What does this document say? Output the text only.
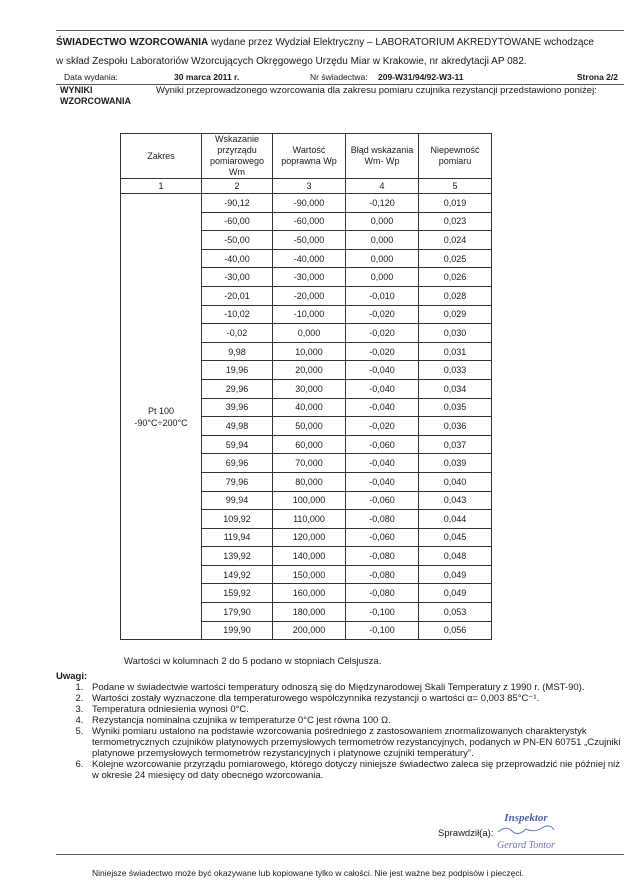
ŚWIADECTWO WZORCOWANIA wydane przez Wydział Elektryczny – LABORATORIUM AKREDYTOWANE wchodzące
w skład Zespołu Laboratoriów Wzorcujących Okręgowego Urzędu Miar w Krakowie, nr akredytacji AP 082.
Data wydania:	30 marca 2011 r.	Nr świadectwa: 209-W31/94/92-W3-11	Strona 2/2
WYNIKI
WZORCOWANIA
Wyniki przeprowadzonego wzorcowania dla zakresu pomiaru czujnika rezystancji przedstawiono poniżej:
Zakres	Wskazanie przyrządu pomiarowego Wm	Wartość poprawna Wp	Błąd wskazania Wm- Wp	Niepewność pomiaru
1	2	3	4	5

Pt 100
-90°C÷200°C	-90,12	-90,000	-0,120	0,019
	-60,00	-60,000	0,000	0,023
	-50,00	-50,000	0,000	0,024
	-40,00	-40,000	0,000	0,025
	-30,00	-30,000	0,000	0,026
	-20,01	-20,000	-0,010	0,028
	-10,02	-10,000	-0,020	0,029
	-0,02	0,000	-0,020	0,030
	9,98	10,000	-0,020	0,031
	19,96	20,000	-0,040	0,033
	29,96	30,000	-0,040	0,034
	39,96	40,000	-0,040	0,035
	49,98	50,000	-0,020	0,036
	59,94	60,000	-0,060	0,037
	69,96	70,000	-0,040	0,039
	79,96	80,000	-0,040	0,040
	99,94	100,000	-0,060	0,043
	109,92	110,000	-0,080	0,044
	119,94	120,000	-0,060	0,045
	139,92	140,000	-0,080	0,048
	149,92	150,000	-0,080	0,049
	159,92	160,000	-0,080	0,049
	179,90	180,000	-0,100	0,053
	199,90	200,000	-0,100	0,056
Wartości w kolumnach 2 do 5 podano w stopniach Celsjusza.
Uwagi:
1. Podane w świadectwie wartości temperatury odnoszą się do Międzynarodowej Skali Temperatury z 1990 r. (MST-90).
2. Wartości zostały wyznaczone dla temperaturowego współczynnika rezystancji o wartości α= 0,003 85°C⁻¹.
3. Temperatura odniesienia wynosi 0°C.
4. Rezystancja nominalna czujnika w temperaturze 0°C jest równa 100 Ω.
5. Wyniki pomiaru ustalono na podstawie wzorcowania pośredniego z zastosowaniem znormalizowanych charakterystyk termometrycznych czujników platynowych przemysłowych termometrów rezystancyjnych, podanych w PN-EN 60751 „Czujniki platynowe przemysłowych termometrów rezystancyjnych i platynowe czujniki temperatury”.
6. Kolejne wzorcowanie przyrządu pomiarowego, którego dotyczy niniejsze świadectwo zaleca się przeprowadzić nie później niż w okresie 24 miesięcy od daty obecnego wzorcowania.
Sprawdził(a):
Inspektor
Gerard Tontor
Niniejsze świadectwo może być okazywane lub kopiowane tylko w całości. Nie jest ważne bez podpisów i pieczęci.
